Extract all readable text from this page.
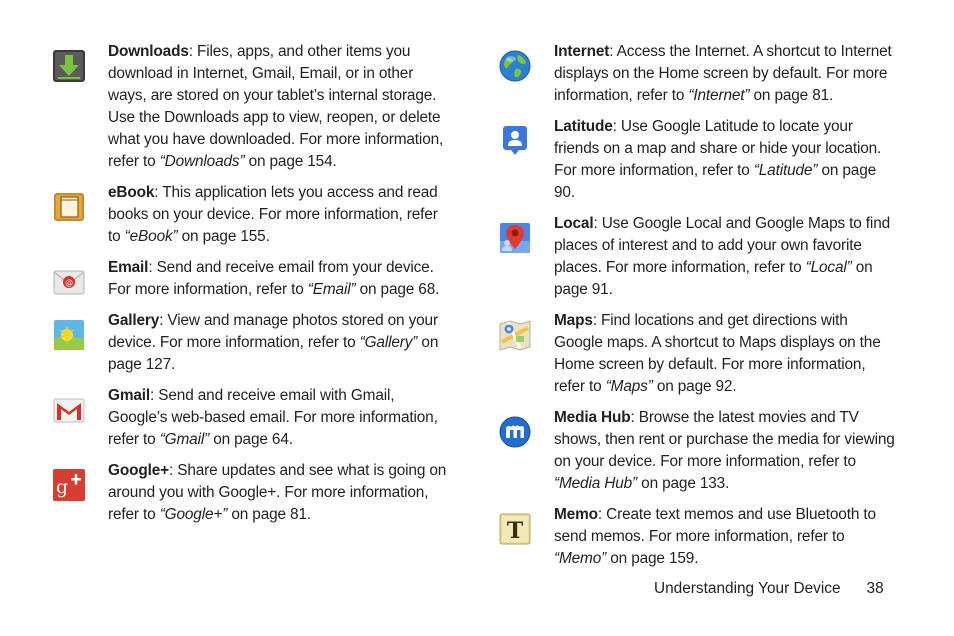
Downloads: Files, apps, and other items you download in Internet, Gmail, Email, or in other ways, are stored on your tablet’s internal storage. Use the Downloads app to view, reopen, or delete what you have downloaded. For more information, refer to “Downloads” on page 154.
eBook: This application lets you access and read books on your device. For more information, refer to “eBook” on page 155.
@
Email: Send and receive email from your device. For more information, refer to “Email” on page 68.
Gallery: View and manage photos stored on your device. For more information, refer to “Gallery” on page 127.
Gmail: Send and receive email with Gmail, Google’s web-based email. For more information, refer to “Gmail” on page 64.
g
Google+: Share updates and see what is going on around you with Google+. For more information, refer to “Google+” on page 81.
Internet: Access the Internet. A shortcut to Internet displays on the Home screen by default. For more information, refer to “Internet” on page 81.
Latitude: Use Google Latitude to locate your friends on a map and share or hide your location. For more information, refer to “Latitude” on page 90.
Local: Use Google Local and Google Maps to find places of interest and to add your own favorite places. For more information, refer to “Local” on page 91.
Maps: Find locations and get directions with Google maps. A shortcut to Maps displays on the Home screen by default. For more information, refer to “Maps” on page 92.
Media Hub: Browse the latest movies and TV shows, then rent or purchase the media for viewing on your device. For more information, refer to “Media Hub” on page 133.
T
Memo: Create text memos and use Bluetooth to send memos. For more information, refer to “Memo” on page 159.
Understanding Your Device 38
